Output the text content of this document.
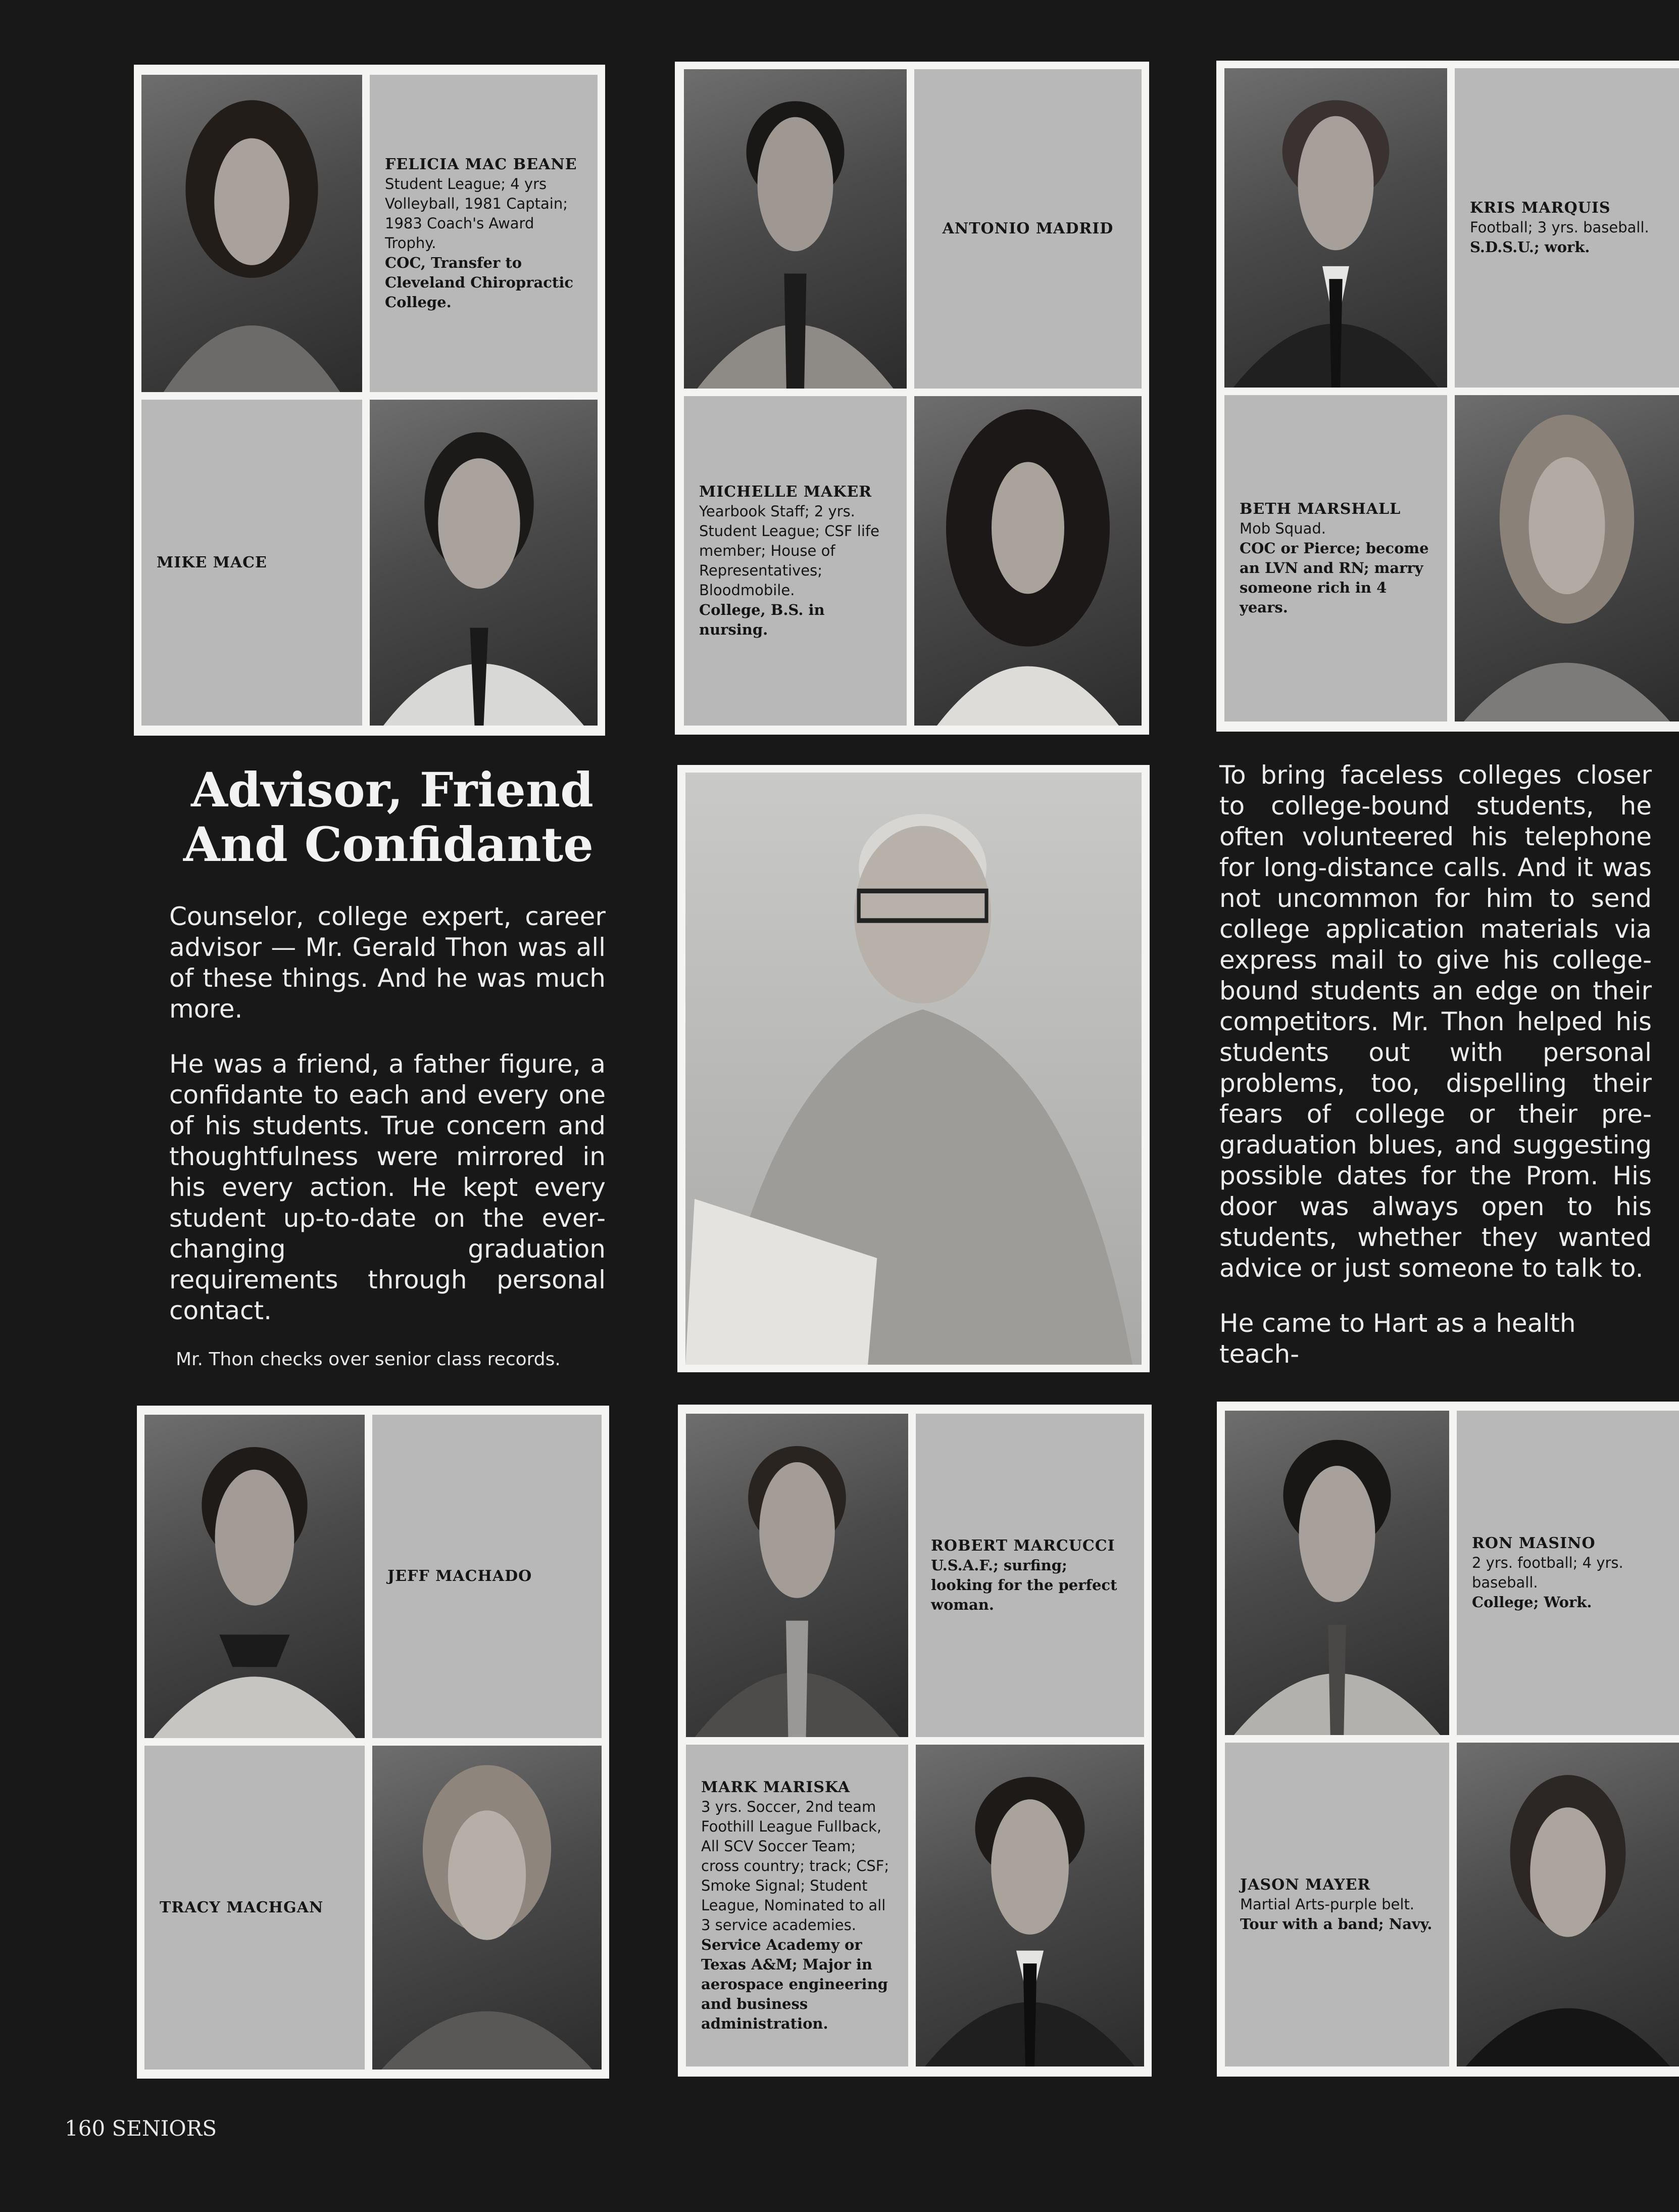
FELICIA MAC BEANE
Student League; 4 yrs Volleyball, 1981 Captain; 1983 Coach's Award Trophy.
COC, Transfer to Cleveland Chiropractic College.
MIKE MACE
ANTONIO MADRID
MICHELLE MAKER
Yearbook Staff; 2 yrs. Student League; CSF life member; House of Representatives; Bloodmobile.
College, B.S. in nursing.
KRIS MARQUIS
Football; 3 yrs. baseball.
S.D.S.U.; work.
BETH MARSHALL
Mob Squad.
COC or Pierce; become an LVN and RN; marry someone rich in 4 years.
Advisor, Friend
And Confidante

Counselor, college expert, career advisor — Mr. Gerald Thon was all of these things. And he was much more.

He was a friend, a father figure, a confidante to each and every one of his students. True concern and thoughtfulness were mirrored in his every action. He kept every student up-to-date on the ever-changing graduation requirements through personal contact.

Mr. Thon checks over senior class records.

To bring faceless colleges closer to college-bound students, he often volunteered his telephone for long-distance calls. And it was not uncommon for him to send college application materials via express mail to give his college-bound students an edge on their competitors. Mr. Thon helped his students out with personal problems, too, dispelling their fears of college or their pre-graduation blues, and suggesting possible dates for the Prom. His door was always open to his students, whether they wanted advice or just someone to talk to.

He came to Hart as a health teach-

JEFF MACHADO
TRACY MACHGAN
ROBERT MARCUCCI
U.S.A.F.; surfing; looking for the perfect woman.
MARK MARISKA
3 yrs. Soccer, 2nd team Foothill League Fullback, All SCV Soccer Team; cross country; track; CSF; Smoke Signal; Student League, Nominated to all 3 service academies.
Service Academy or Texas A&M; Major in aerospace engineering and business administration.
RON MASINO
2 yrs. football; 4 yrs. baseball.
College; Work.
JASON MAYER
Martial Arts-purple belt.
Tour with a band; Navy.
160 SENIORS
